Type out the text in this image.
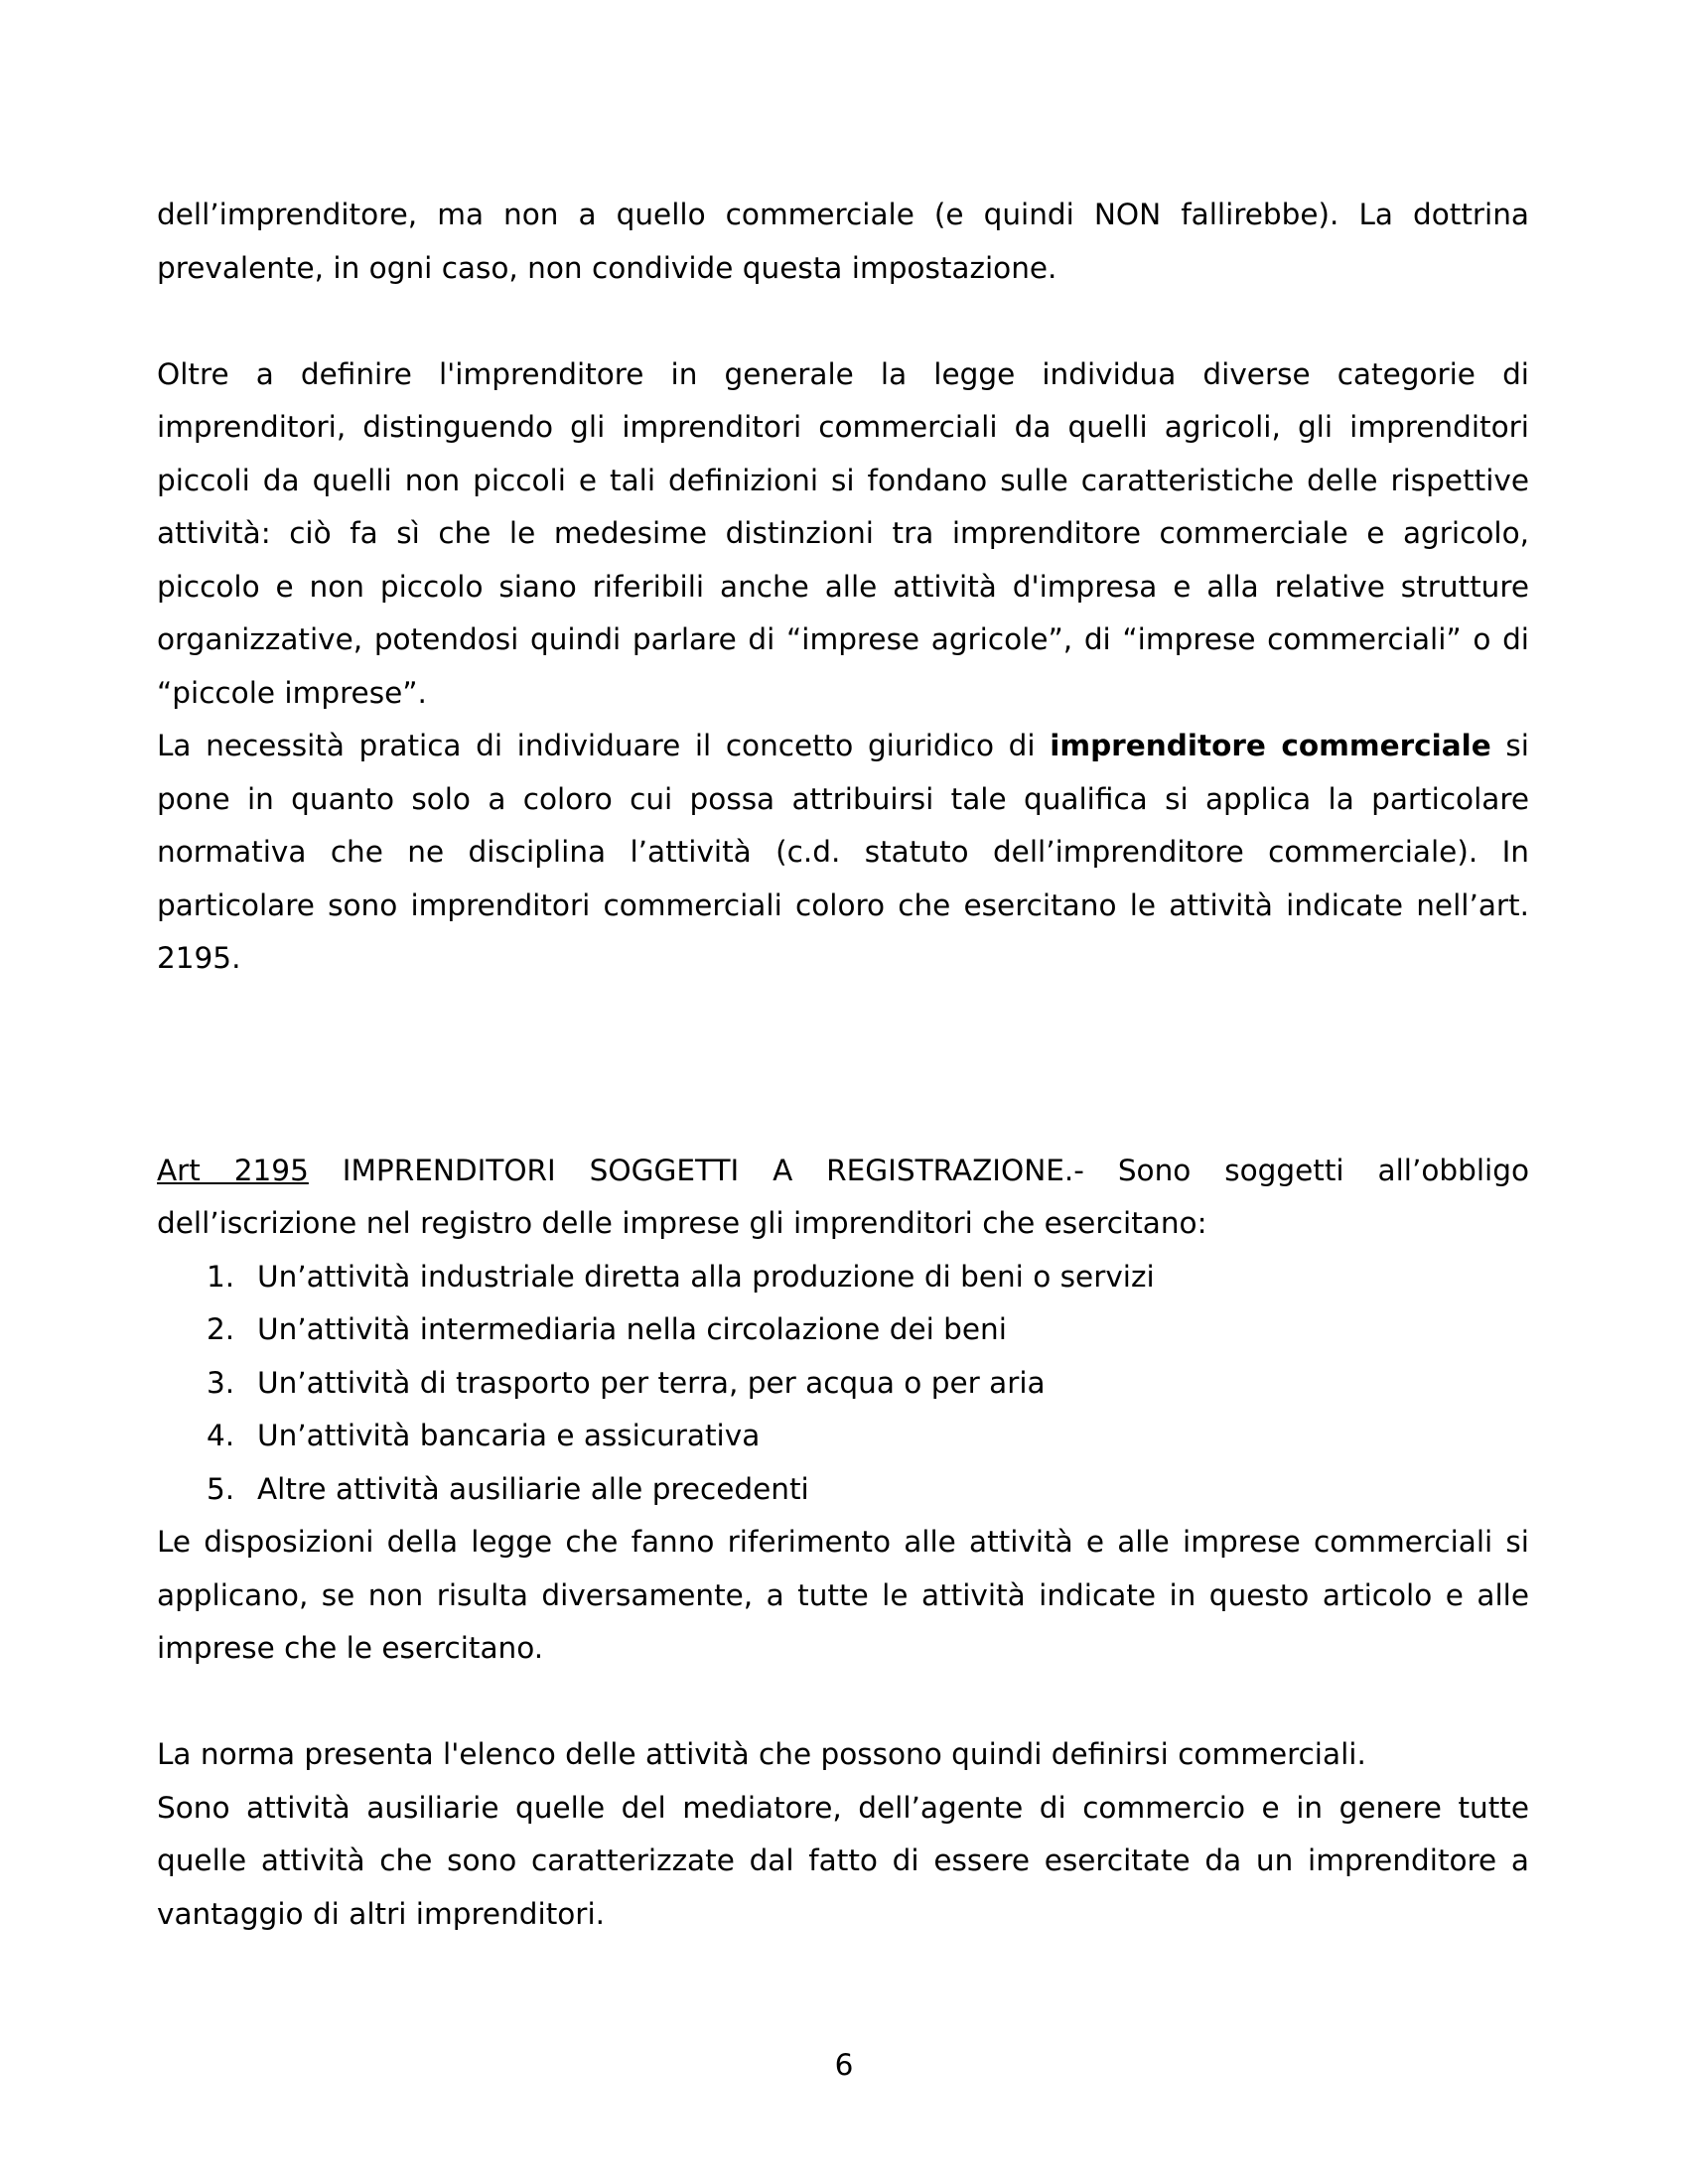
dell’imprenditore, ma non a quello commerciale (e quindi NON fallirebbe). La dottrina prevalente, in ogni caso, non condivide questa impostazione.

Oltre a definire l'imprenditore in generale la legge individua diverse categorie di imprenditori, distinguendo gli imprenditori commerciali da quelli agricoli, gli imprenditori piccoli da quelli non piccoli e tali definizioni si fondano sulle caratteristiche delle rispettive attività: ciò fa sì che le medesime distinzioni tra imprenditore commerciale e agricolo, piccolo e non piccolo siano riferibili anche alle attività d'impresa e alla relative strutture organizzative, potendosi quindi parlare di “imprese agricole”, di “imprese commerciali” o di “piccole imprese”.

La necessità pratica di individuare il concetto giuridico di imprenditore commerciale si pone in quanto solo a coloro cui possa attribuirsi tale qualifica si applica la particolare normativa che ne disciplina l’attività (c.d. statuto dell’imprenditore commerciale). In particolare sono imprenditori commerciali coloro che esercitano le attività indicate nell’art. 2195.

Art 2195 IMPRENDITORI SOGGETTI A REGISTRAZIONE.- Sono soggetti all’obbligo dell’iscrizione nel registro delle imprese gli imprenditori che esercitano:

1. Un’attività industriale diretta alla produzione di beni o servizi
2. Un’attività intermediaria nella circolazione dei beni
3. Un’attività di trasporto per terra, per acqua o per aria
4. Un’attività bancaria e assicurativa
5. Altre attività ausiliarie alle precedenti

Le disposizioni della legge che fanno riferimento alle attività e alle imprese commerciali si applicano, se non risulta diversamente, a tutte le attività indicate in questo articolo e alle imprese che le esercitano.

La norma presenta l'elenco delle attività che possono quindi definirsi commerciali.

Sono attività ausiliarie quelle del mediatore, dell’agente di commercio e in genere tutte quelle attività che sono caratterizzate dal fatto di essere esercitate da un imprenditore a vantaggio di altri imprenditori.

6
